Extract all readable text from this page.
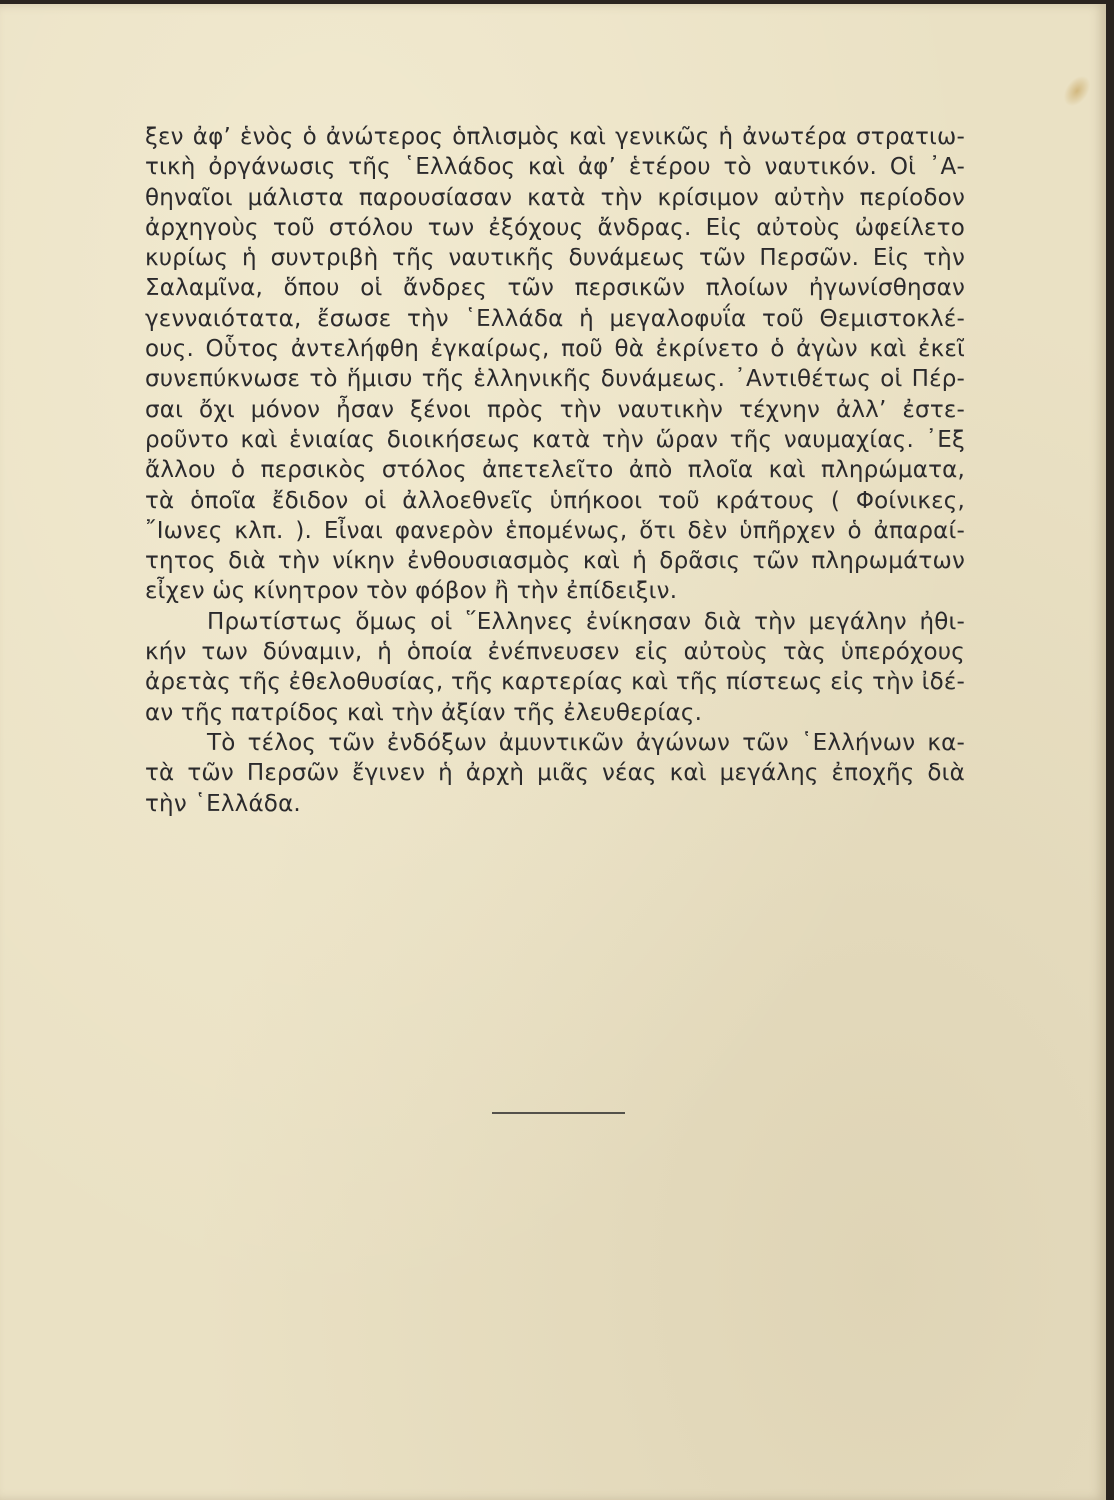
ξεν ἀφ’ ἑνὸς ὁ ἀνώτερος ὁπλισμὸς καὶ γενικῶς ἡ ἀνωτέρα στρατιω-
τικὴ ὀργάνωσις τῆς ῾Ελλάδος καὶ ἀφ’ ἑτέρου τὸ ναυτικόν. Οἱ ᾿Α-
θηναῖοι μάλιστα παρουσίασαν κατὰ τὴν κρίσιμον αὐτὴν περίοδον
ἀρχηγοὺς τοῦ στόλου των ἐξόχους ἄνδρας. Εἰς αὐτοὺς ὠφείλετο
κυρίως ἡ συντριβὴ τῆς ναυτικῆς δυνάμεως τῶν Περσῶν. Εἰς τὴν
Σαλαμῖνα, ὅπου οἱ ἄνδρες τῶν περσικῶν πλοίων ἠγωνίσθησαν
γενναιότατα, ἔσωσε τὴν ῾Ελλάδα ἡ μεγαλοφυΐα τοῦ Θεμιστοκλέ-
ους. Οὗτος ἀντελήφθη ἐγκαίρως, ποῦ θὰ ἐκρίνετο ὁ ἀγὼν καὶ ἐκεῖ
συνεπύκνωσε τὸ ἥμισυ τῆς ἑλληνικῆς δυνάμεως. ᾿Αντιθέτως οἱ Πέρ-
σαι ὄχι μόνον ἦσαν ξένοι πρὸς τὴν ναυτικὴν τέχνην ἀλλ’ ἐστε-
ροῦντο καὶ ἑνιαίας διοικήσεως κατὰ τὴν ὥραν τῆς ναυμαχίας. ᾿Εξ
ἄλλου ὁ περσικὸς στόλος ἀπετελεῖτο ἀπὸ πλοῖα καὶ πληρώματα,
τὰ ὁποῖα ἔδιδον οἱ ἀλλοεθνεῖς ὑπήκοοι τοῦ κράτους ( Φοίνικες,
῎Ιωνες κλπ. ). Εἶναι φανερὸν ἑπομένως, ὅτι δὲν ὑπῆρχεν ὁ ἀπαραί-
τητος διὰ τὴν νίκην ἐνθουσιασμὸς καὶ ἡ δρᾶσις τῶν πληρωμάτων
εἶχεν ὡς κίνητρον τὸν φόβον ἢ τὴν ἐπίδειξιν.
Πρωτίστως ὅμως οἱ ῞Ελληνες ἐνίκησαν διὰ τὴν μεγάλην ἠθι-
κήν των δύναμιν, ἡ ὁποία ἐνέπνευσεν εἰς αὐτοὺς τὰς ὑπερόχους
ἀρετὰς τῆς ἐθελοθυσίας, τῆς καρτερίας καὶ τῆς πίστεως εἰς τὴν ἰδέ-
αν τῆς πατρίδος καὶ τὴν ἀξίαν τῆς ἐλευθερίας.
Τὸ τέλος τῶν ἐνδόξων ἀμυντικῶν ἀγώνων τῶν ῾Ελλήνων κα-
τὰ τῶν Περσῶν ἔγινεν ἡ ἀρχὴ μιᾶς νέας καὶ μεγάλης ἐποχῆς διὰ
τὴν ῾Ελλάδα.
